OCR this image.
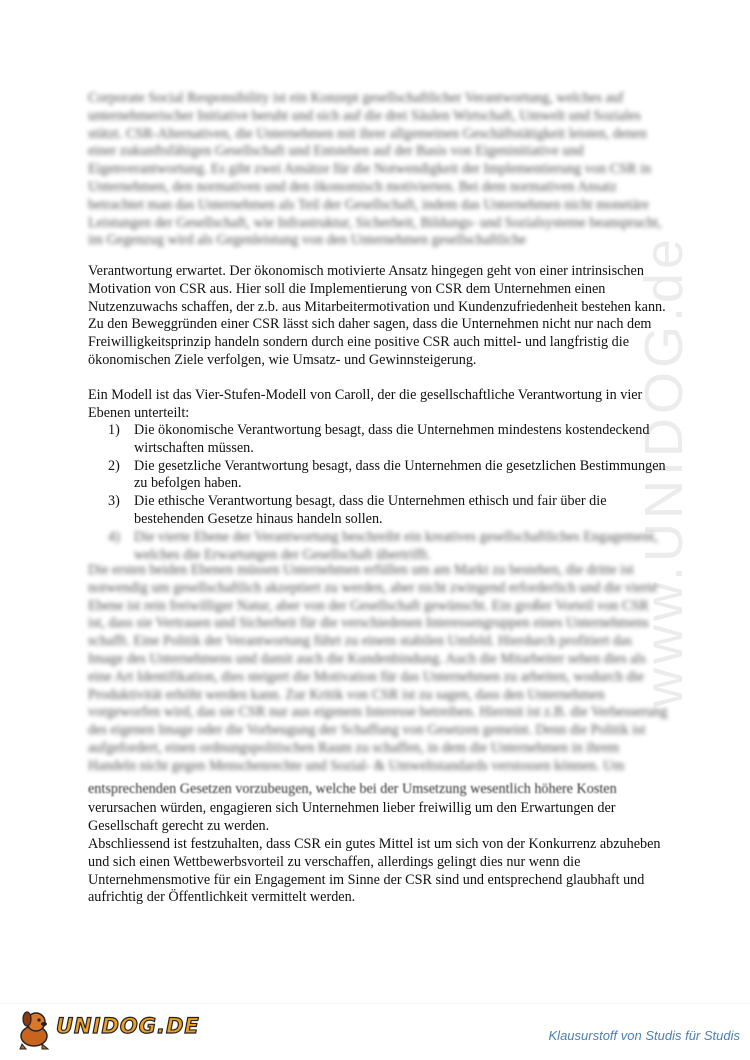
www.UNIDOG.de

Corporate Social Responsibility ist ein Konzept gesellschaftlicher Verantwortung, welches auf unternehmerischer Initiative beruht und sich auf die drei Säulen Wirtschaft, Umwelt und Soziales stützt. CSR-Alternativen, die Unternehmen mit ihrer allgemeinen Geschäftstätigkeit leisten, denen einer zukunftsfähigen Gesellschaft und Entstehen auf der Basis von Eigeninitiative und Eigenverantwortung. Es gibt zwei Ansätze für die Notwendigkeit der Implementierung von CSR in Unternehmen, den normativen und den ökonomisch motivierten. Bei dem normativen Ansatz betrachtet man das Unternehmen als Teil der Gesellschaft, indem das Unternehmen nicht monetäre Leistungen der Gesellschaft, wie Infrastruktur, Sicherheit, Bildungs- und Sozialsysteme beansprucht, im Gegenzug wird als Gegenleistung von den Unternehmen gesellschaftliche

Verantwortung erwartet. Der ökonomisch motivierte Ansatz hingegen geht von einer intrinsischen Motivation von CSR aus. Hier soll die Implementierung von CSR dem Unternehmen einen Nutzenzuwachs schaffen, der z.b. aus Mitarbeitermotivation und Kundenzufriedenheit bestehen kann. Zu den Beweggründen einer CSR lässt sich daher sagen, dass die Unternehmen nicht nur nach dem Freiwilligkeitsprinzip handeln sondern durch eine positive CSR auch mittel- und langfristig die ökonomischen Ziele verfolgen, wie Umsatz- und Gewinnsteigerung.

Ein Modell ist das Vier-Stufen-Modell von Caroll, der die gesellschaftliche Verantwortung in vier Ebenen unterteilt:

1) Die ökonomische Verantwortung besagt, dass die Unternehmen mindestens kostendeckend wirtschaften müssen.
2) Die gesetzliche Verantwortung besagt, dass die Unternehmen die gesetzlichen Bestimmungen zu befolgen haben.
3) Die ethische Verantwortung besagt, dass die Unternehmen ethisch und fair über die bestehenden Gesetze hinaus handeln sollen.
4) Die vierte Ebene der Verantwortung beschreibt ein kreatives gesellschaftliches Engagement, welches die Erwartungen der Gesellschaft übertrifft.

Die ersten beiden Ebenen müssen Unternehmen erfüllen um am Markt zu bestehen, die dritte ist notwendig um gesellschaftlich akzeptiert zu werden, aber nicht zwingend erforderlich und die vierte Ebene ist rein freiwilliger Natur, aber von der Gesellschaft gewünscht. Ein großer Vorteil von CSR ist, dass sie Vertrauen und Sicherheit für die verschiedenen Interessengruppen eines Unternehmens schafft. Eine Politik der Verantwortung führt zu einem stabilen Umfeld. Hierdurch profitiert das Image des Unternehmens und damit auch die Kundenbindung. Auch die Mitarbeiter sehen dies als eine Art Identifikation, dies steigert die Motivation für das Unternehmen zu arbeiten, wodurch die Produktivität erhöht werden kann. Zur Kritik von CSR ist zu sagen, dass den Unternehmen vorgeworfen wird, das sie CSR nur aus eigenem Interesse betreiben. Hiermit ist z.B. die Verbesserung des eigenen Image oder die Vorbeugung der Schaffung von Gesetzen gemeint. Denn die Politik ist aufgefordert, einen ordnungspolitischen Raum zu schaffen, in dem die Unternehmen in ihrem Handeln nicht gegen Menschenrechte und Sozial- & Umweltstandards verstossen können. Um

entsprechenden Gesetzen vorzubeugen, welche bei der Umsetzung wesentlich höhere Kosten

verursachen würden, engagieren sich Unternehmen lieber freiwillig um den Erwartungen der Gesellschaft gerecht zu werden.

Abschliessend ist festzuhalten, dass CSR ein gutes Mittel ist um sich von der Konkurrenz abzuheben und sich einen Wettbewerbsvorteil zu verschaffen, allerdings gelingt dies nur wenn die Unternehmensmotive für ein Engagement im Sinne der CSR sind und entsprechend glaubhaft und aufrichtig der Öffentlichkeit vermittelt werden.

UNIDOG.DE	Klausurstoff von Studis für Studis
